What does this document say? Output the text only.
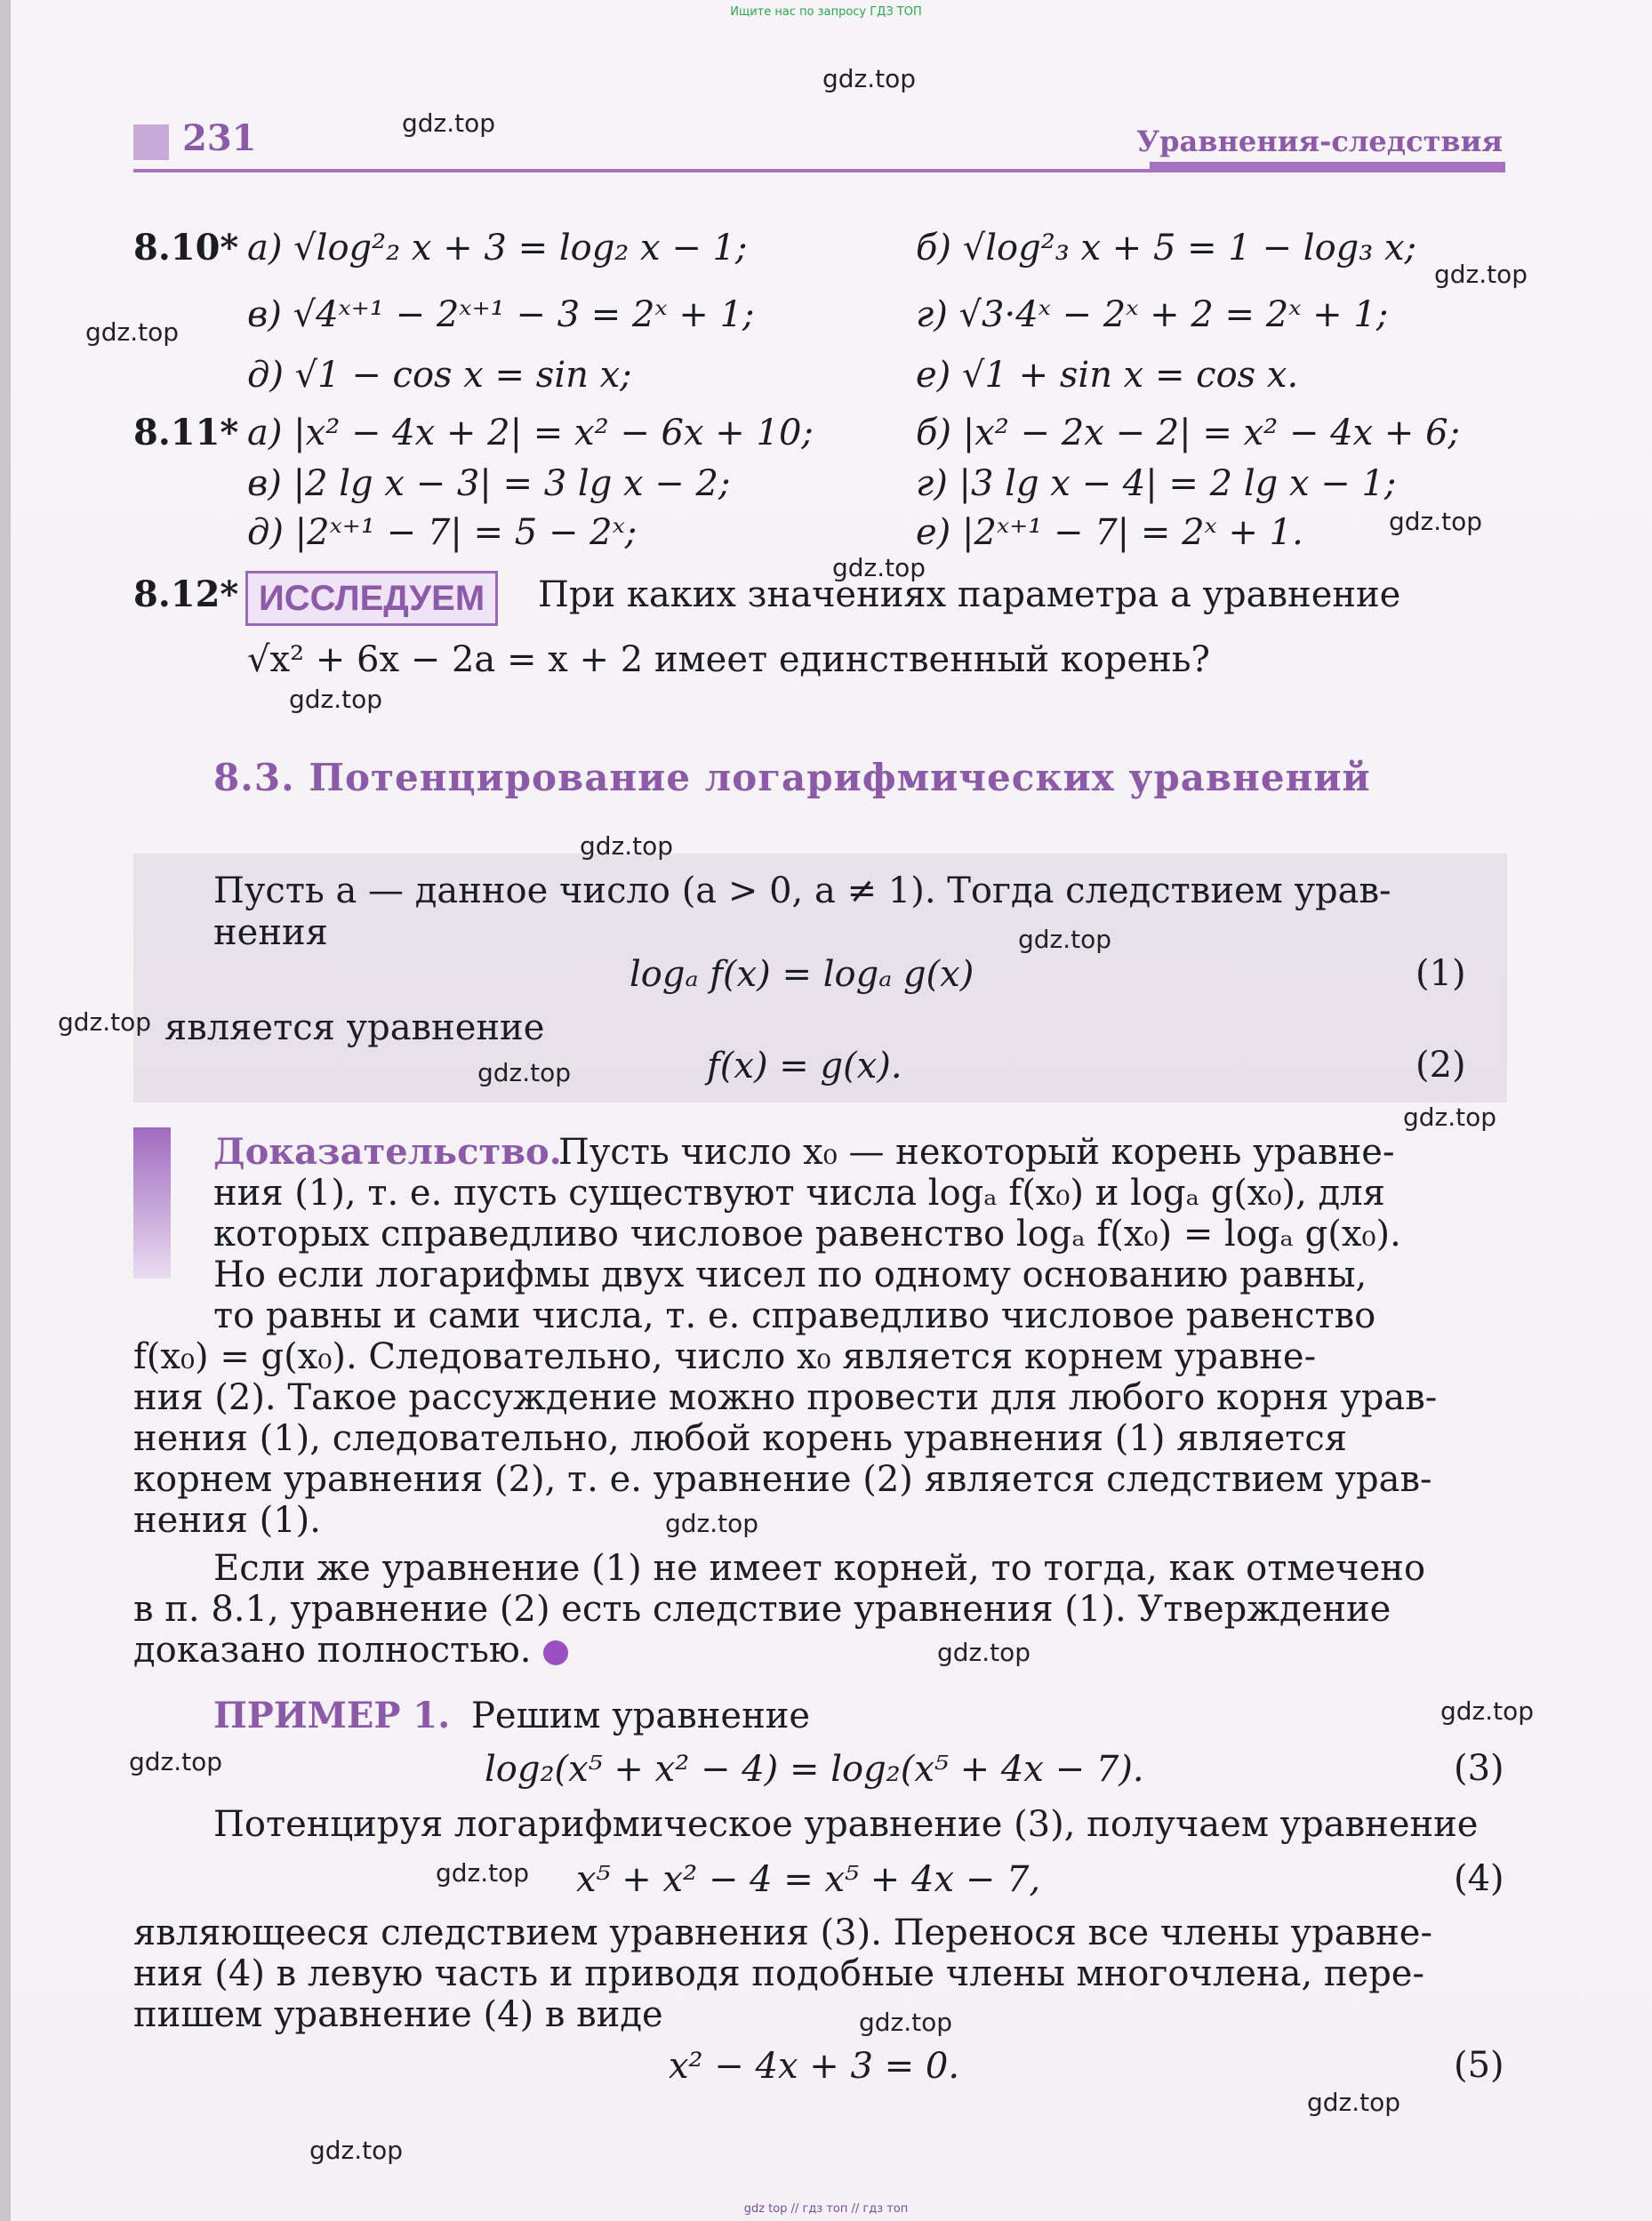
Ищите нас по запросу ГДЗ ТОП
231	Уравнения-следствия
8.10* а) √log²₂ x + 3 = log₂ x − 1;	б) √log²₃ x + 5 = 1 − log₃ x;
в) √4ˣ⁺¹ − 2ˣ⁺¹ − 3 = 2ˣ + 1;	г) √3·4ˣ − 2ˣ + 2 = 2ˣ + 1;
д) √1 − cos x = sin x;	е) √1 + sin x = cos x.
8.11* а) |x² − 4x + 2| = x² − 6x + 10;	б) |x² − 2x − 2| = x² − 4x + 6;
в) |2 lg x − 3| = 3 lg x − 2;	г) |3 lg x − 4| = 2 lg x − 1;
д) |2ˣ⁺¹ − 7| = 5 − 2ˣ;	е) |2ˣ⁺¹ − 7| = 2ˣ + 1.
8.12* ИССЛЕДУЕМ	При каких значениях параметра a уравнение
√x² + 6x − 2a = x + 2 имеет единственный корень?
8.3. Потенцирование логарифмических уравнений
Пусть a — данное число (a > 0, a ≠ 1). Тогда следствием урав-
нения
logₐ f(x) = logₐ g(x)	(1)
является уравнение
f(x) = g(x).	(2)
Доказательство.
Пусть число x₀ — некоторый корень уравне-
ния (1), т. е. пусть существуют числа logₐ f(x₀) и logₐ g(x₀), для
которых справедливо числовое равенство logₐ f(x₀) = logₐ g(x₀).
Но если логарифмы двух чисел по одному основанию равны,
то равны и сами числа, т. е. справедливо числовое равенство
f(x₀) = g(x₀). Следовательно, число x₀ является корнем уравне-
ния (2). Такое рассуждение можно провести для любого корня урав-
нения (1), следовательно, любой корень уравнения (1) является
корнем уравнения (2), т. е. уравнение (2) является следствием урав-
нения (1).
Если же уравнение (1) не имеет корней, то тогда, как отмечено
в п. 8.1, уравнение (2) есть следствие уравнения (1). Утверждение
доказано полностью.
ПРИМЕР 1. Решим уравнение
log₂(x⁵ + x² − 4) = log₂(x⁵ + 4x − 7).	(3)
Потенцируя логарифмическое уравнение (3), получаем уравнение
x⁵ + x² − 4 = x⁵ + 4x − 7,	(4)
являющееся следствием уравнения (3). Перенося все члены уравне-
ния (4) в левую часть и приводя подобные члены многочлена, пере-
пишем уравнение (4) в виде
x² − 4x + 3 = 0.	(5)
gdz.top
gdz.top
gdz.top
gdz.top
gdz.top
gdz.top
gdz.top
gdz.top
gdz.top
gdz.top
gdz.top
gdz.top
gdz.top
gdz.top
gdz.top
gdz.top
gdz.top
gdz.top
gdz.top
gdz.top
gdz top // гдз топ // гдз топ
